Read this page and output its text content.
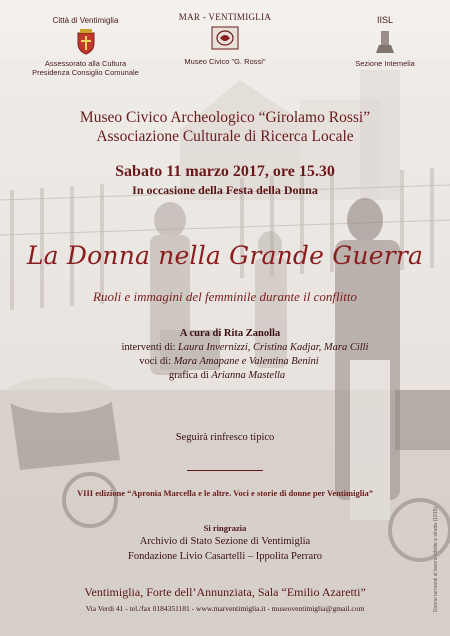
Città di Ventimiglia
Assessorato alla Cultura
Presidenza Consiglio Comunale
MAR - VENTIMIGLIA
Museo Civico "G. Rossi"
IISL
Sezione Intemelia
Museo Civico Archeologico “Girolamo Rossi”
Associazione Culturale di Ricerca Locale
Sabato 11 marzo 2017, ore 15.30
In occasione della Festa della Donna
La Donna nella Grande Guerra
Ruoli e immagini del femminile durante il conflitto
A cura di Rita Zanolla
interventi di: Laura Invernizzi, Cristina Kadjar, Mara Cilli
voci di: Mara Amapane e Valentina Benini
grafica di Arianna Mastella
Seguirà rinfresco tipico
VIII edizione “Apronia Marcella e le altre. Voci e storie di donne per Ventimiglia”
Si ringrazia
Archivio di Stato Sezione di Ventimiglia
Fondazione Livio Casartelli – Ippolita Perraro
Ventimiglia, Forte dell’Annunziata, Sala “Emilio Azaretti”
Via Verdi 41 - tel./fax 0184351181 - www.marventimiglia.it - museoventimiglia@gmail.com	Donne tarmanti al lavoro ridotte a strada (1915)
